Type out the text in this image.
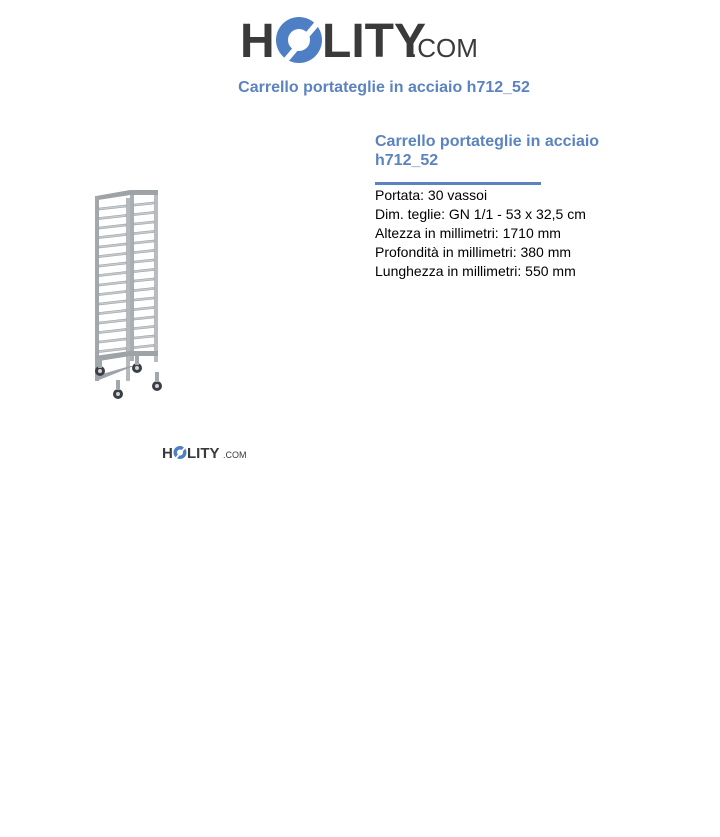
H LITY
.COM
Carrello portateglie in acciaio h712_52
H LITY .COM
Carrello portateglie in acciaio h712_52
Portata: 30 vassoi
Dim. teglie: GN 1/1 - 53 x 32,5 cm
Altezza in millimetri: 1710 mm
Profondità in millimetri: 380 mm
Lunghezza in millimetri: 550 mm
